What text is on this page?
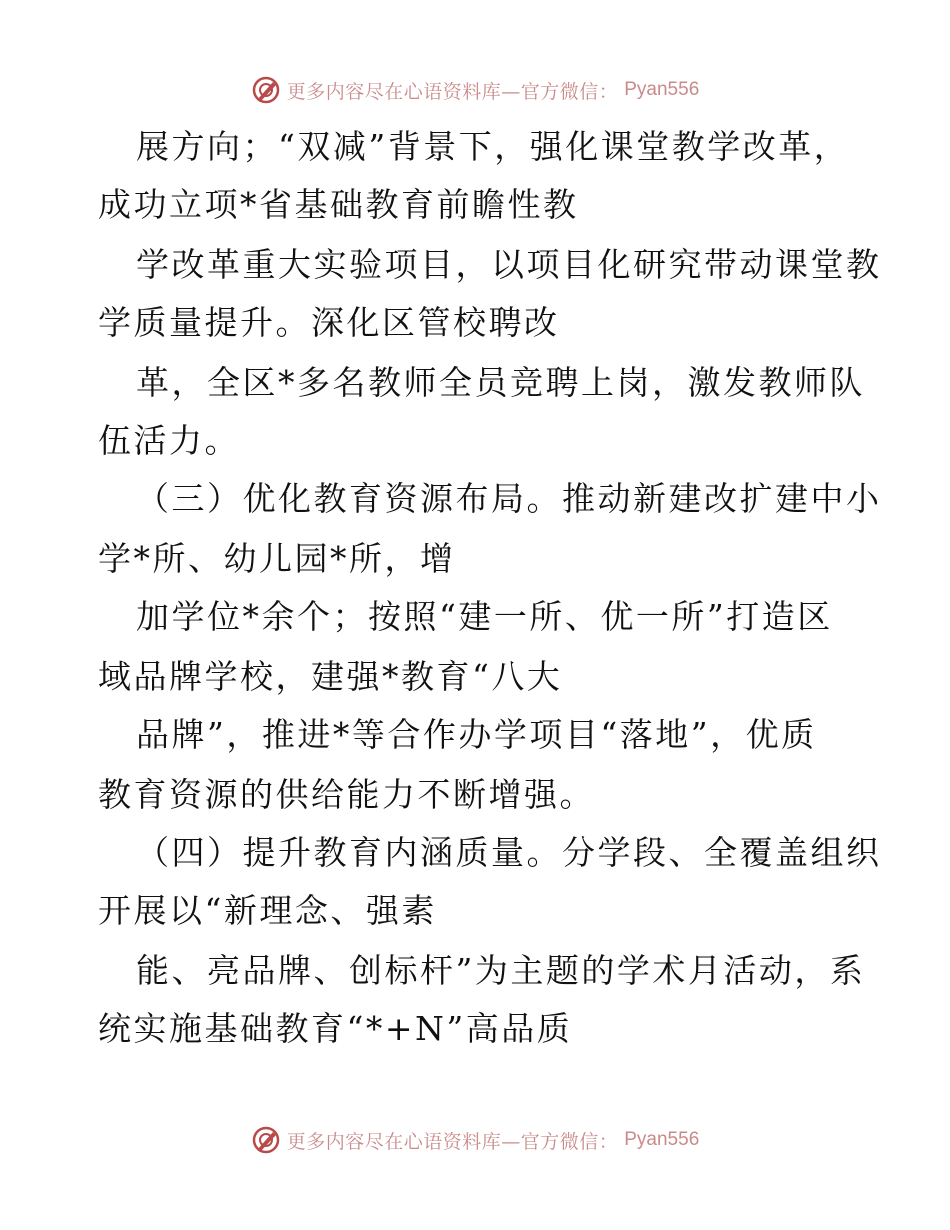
更多内容尽在心语资料库—官方微信： Pyan556
展方向；“双减”背景下，强化课堂教学改革，
成功立项*省基础教育前瞻性教
学改革重大实验项目，以项目化研究带动课堂教
学质量提升。深化区管校聘改
革，全区*多名教师全员竞聘上岗，激发教师队
伍活力。
（三）优化教育资源布局。推动新建改扩建中小
学*所、幼儿园*所，增
加学位*余个；按照“建一所、优一所”打造区
域品牌学校，建强*教育“八大
品牌”，推进*等合作办学项目“落地”，优质
教育资源的供给能力不断增强。
（四）提升教育内涵质量。分学段、全覆盖组织
开展以“新理念、强素
能、亮品牌、创标杆”为主题的学术月活动，系
统实施基础教育“*+N”高品质
更多内容尽在心语资料库—官方微信： Pyan556
